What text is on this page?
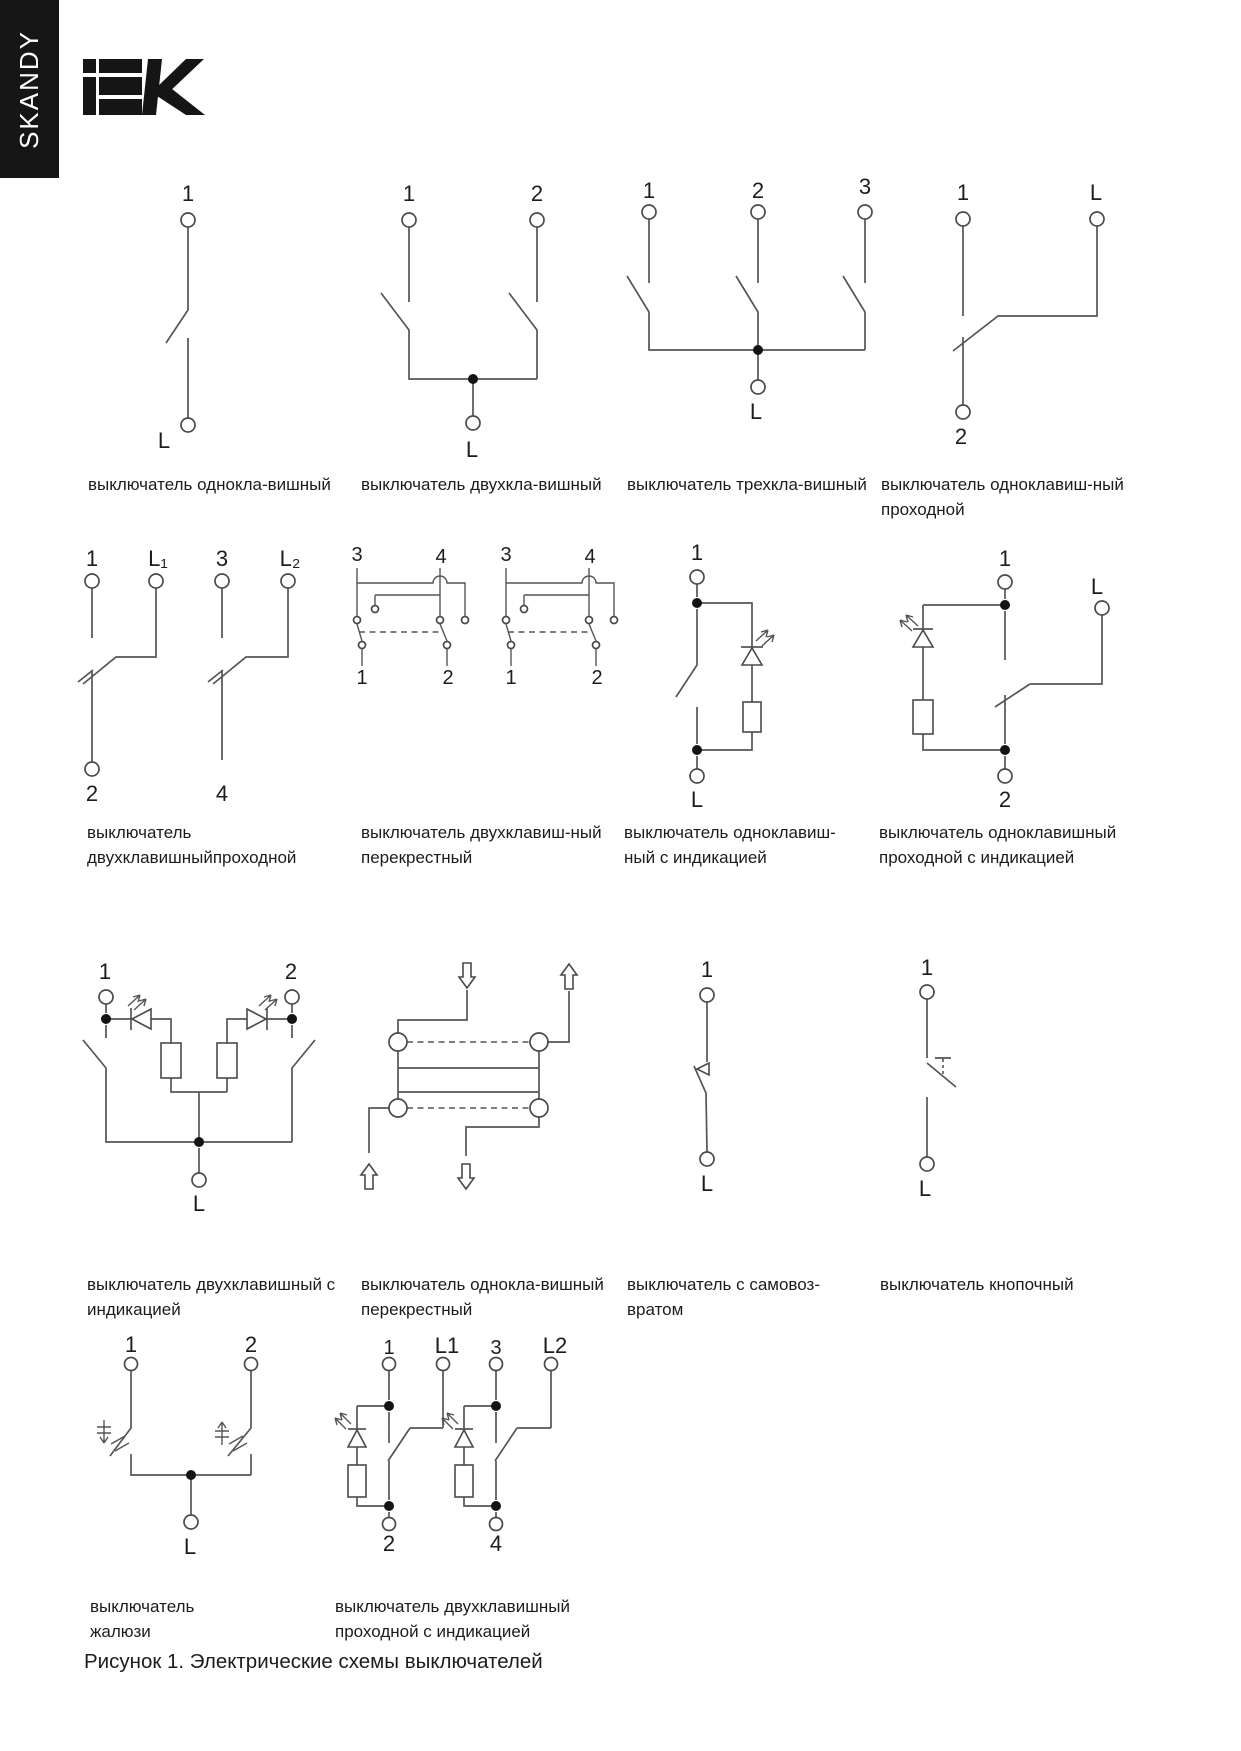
SKANDY
1
L
1	2
L
1	2	3
L
1	L
2
1 L₁ 3 L₂
2	4
3	4
1	2
3	4
1	2
1
L
1
L
2
1	2
L
1
L
1
L
1	2
L
1 L1
2
3 L2
4
выключатель однокла-вишный выключатель двухкла-вишный выключатель трехкла-вишный выключатель одноклавиш-ный
проходной
выключатель
двухклавишныйпроходной
выключатель двухклавиш-ный
перекрестный
выключатель одноклавиш-
ный с индикацией
выключатель одноклавишный
проходной с индикацией
выключатель двухклавишный с
индикацией
выключатель однокла-вишный
перекрестный
выключатель с самовоз-
вратом
выключатель кнопочный
выключатель
жалюзи
выключатель двухклавишный
проходной с индикацией
Рисунок 1. Электрические схемы выключателей
